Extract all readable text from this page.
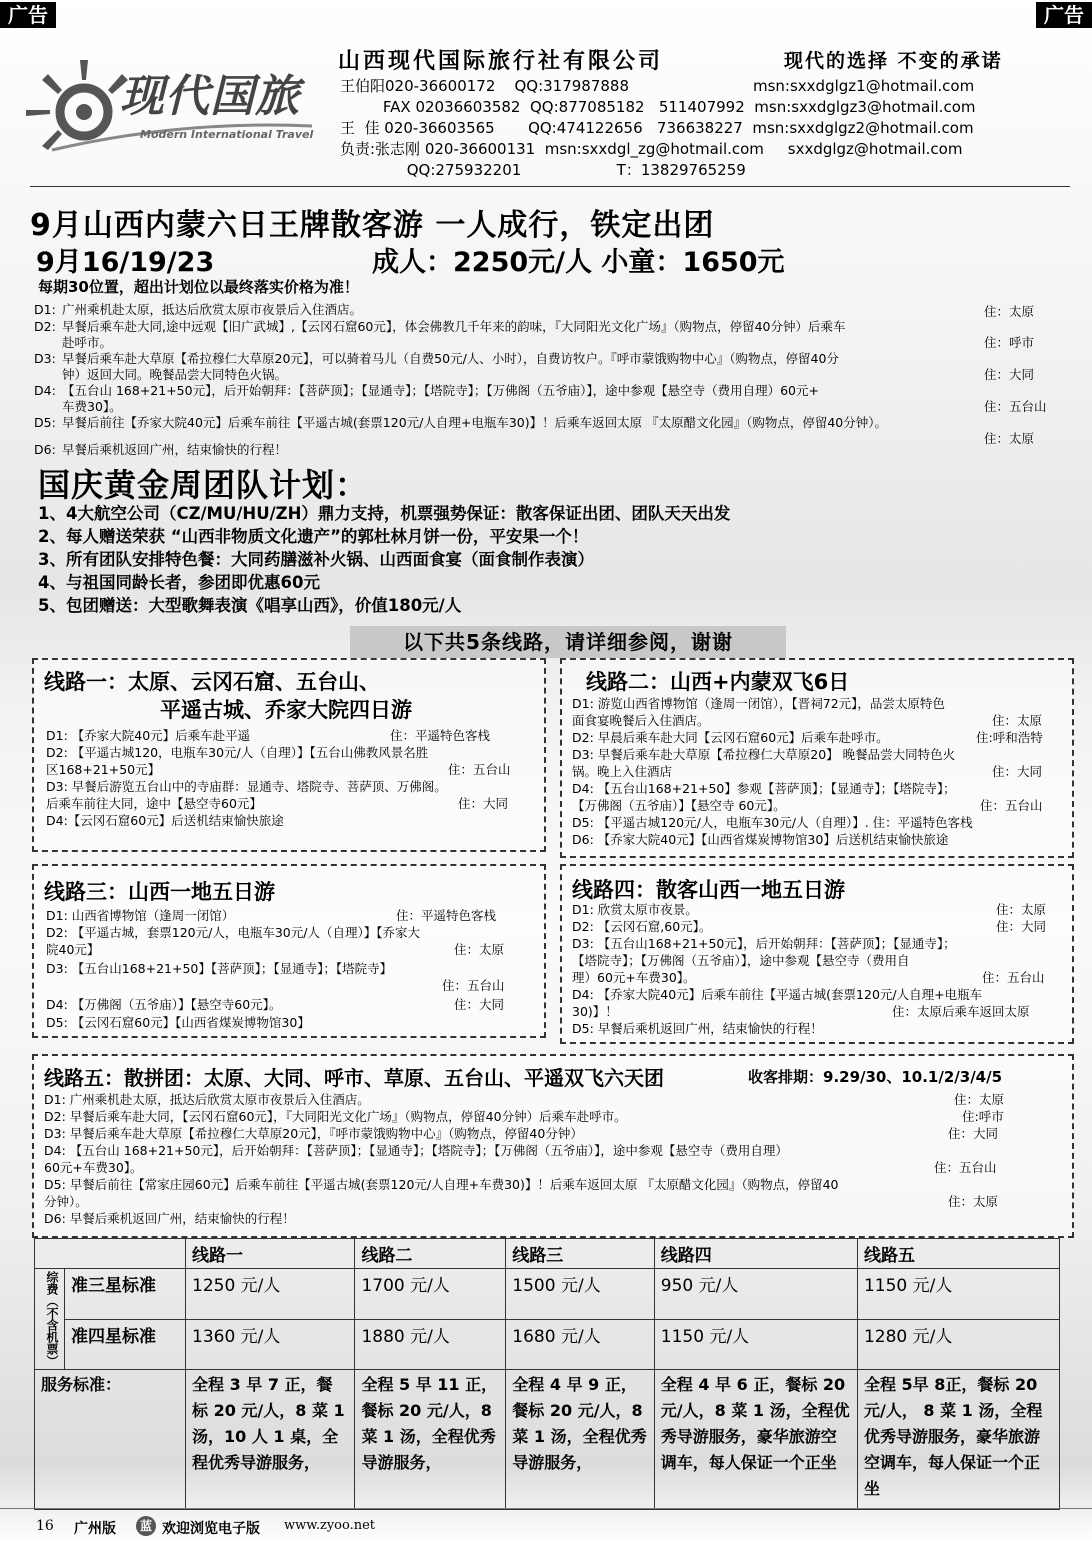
广告	广告
现代国旅
Modern International Travel
山西现代国际旅行社有限公司	现代的选择 不变的承诺
王伯阳020-36600172    QQ:317987888                          msn:sxxdglgz1@hotmail.com
FAX 02036603582  QQ:877085182   511407992  msn:sxxdglgz3@hotmail.com
王  佳 020-36603565       QQ:474122656   736638227  msn:sxxdglgz2@hotmail.com
负责:张志刚 020-36600131  msn:sxxdgl_zg@hotmail.com     sxxdglgz@hotmail.com
QQ:275932201                    T：13829765259
9月山西内蒙六日王牌散客游 一人成行，铁定出团
9月16/19/23	成人：2250元/人 小童：1650元
每期30位置，超出计划位以最终落实价格为准！
D1: 广州乘机赴太原，抵达后欣赏太原市夜景后入住酒店。	住：太原
D2: 早餐后乘车赴大同,途中远观【旧广武城】,【云冈石窟60元】，体会佛教几千年来的韵味，『大同阳光文化广场』（购物点，停留40分钟）后乘车
赴呼市。	住：呼市
D3: 早餐后乘车赴大草原【希拉穆仁大草原20元】，可以骑着马儿（自费50元/人、小时），自费访牧户。『呼市蒙饿购物中心』（购物点，停留40分
钟）返回大同。晚餐品尝大同特色火锅。	住：大同
D4: 【五台山 168+21+50元】，后开始朝拜：【菩萨顶】；【显通寺】；【塔院寺】；【万佛阁（五爷庙）】，途中参观【悬空寺（费用自理）60元+
车费30】。	住：五台山
D5: 早餐后前往【乔家大院40元】后乘车前往【平遥古城(套票120元/人自理+电瓶车30)】！后乘车返回太原 『太原醋文化园』（购物点，停留40分钟）。
住：太原
D6: 早餐后乘机返回广州，结束愉快的行程！
国庆黄金周团队计划：
1、4大航空公司（CZ/MU/HU/ZH）鼎力支持，机票强势保证：散客保证出团、团队天天出发
2、每人赠送荣获 “山西非物质文化遗产”的郭杜林月饼一份，平安果一个！
3、所有团队安排特色餐：大同药膳滋补火锅、山西面食宴（面食制作表演）
4、与祖国同龄长者，参团即优惠60元
5、包团赠送：大型歌舞表演《唱享山西》，价值180元/人
以下共5条线路，请详细参阅，谢谢
线路一：太原、云冈石窟、五台山、
平遥古城、乔家大院四日游
D1: 【乔家大院40元】后乘车赴平遥	住：平遥特色客栈
D2: 【平遥古城120，电瓶车30元/人（自理）】【五台山佛教风景名胜
区168+21+50元】	住：五台山
D3: 早餐后游览五台山中的寺庙群：显通寺、塔院寺、菩萨顶、万佛阁。
后乘车前往大同，途中【悬空寺60元】	住：大同
D4:【云冈石窟60元】后送机结束愉快旅途
线路二：山西+内蒙双飞6日
D1: 游览山西省博物馆（逢周一闭馆），【晋祠72元】，品尝太原特色
面食宴晚餐后入住酒店。	住：太原
D2: 早晨后乘车赴大同【云冈石窟60元】后乘车赴呼市。	住:呼和浩特
D3: 早餐后乘车赴大草原【希拉穆仁大草原20】 晚餐品尝大同特色火
锅。晚上入住酒店	住：大同
D4: 【五台山168+21+50】参观【菩萨顶】；【显通寺】；【塔院寺】；
【万佛阁（五爷庙）】【悬空寺 60元】。	住：五台山
D5: 【平遥古城120元/人，电瓶车30元/人（自理）】. 住：平遥特色客栈
D6: 【乔家大院40元】【山西省煤炭博物馆30】后送机结束愉快旅途
线路三：山西一地五日游
D1: 山西省博物馆（逢周一闭馆）	住：平遥特色客栈
D2: 【平遥古城，套票120元/人，电瓶车30元/人（自理）】【乔家大
院40元】	住：太原
D3: 【五台山168+21+50】【菩萨顶】；【显通寺】；【塔院寺】
住：五台山
D4: 【万佛阁（五爷庙）】【悬空寺60元】。	住：大同
D5: 【云冈石窟60元】【山西省煤炭博物馆30】
线路四：散客山西一地五日游
D1: 欣赏太原市夜景。	住：太原
D2: 【云冈石窟,60元】。	住：大同
D3: 【五台山168+21+50元】，后开始朝拜：【菩萨顶】；【显通寺】；
【塔院寺】；【万佛阁（五爷庙）】，途中参观【悬空寺（费用自
理）60元+车费30】。	住：五台山
D4: 【乔家大院40元】后乘车前往【平遥古城(套票120元/人自理+电瓶车
30)】！	住：太原后乘车返回太原
D5: 早餐后乘机返回广州，结束愉快的行程！
线路五：散拼团：太原、大同、呼市、草原、五台山、平遥双飞六天团	收客排期：9.29/30、10.1/2/3/4/5
D1: 广州乘机赴太原，抵达后欣赏太原市夜景后入住酒店。	住：太原
D2: 早餐后乘车赴大同，【云冈石窟60元】，『大同阳光文化广场』（购物点，停留40分钟）后乘车赴呼市。	住:呼市
D3: 早餐后乘车赴大草原【希拉穆仁大草原20元】，『呼市蒙饿购物中心』（购物点，停留40分钟）	住：大同
D4: 【五台山 168+21+50元】，后开始朝拜：【菩萨顶】；【显通寺】；【塔院寺】；【万佛阁（五爷庙）】，途中参观【悬空寺（费用自理）
60元+车费30】。	住：五台山
D5: 早餐后前往【常家庄园60元】后乘车前往【平遥古城(套票120元/人自理+车费30)】！后乘车返回太原 『太原醋文化园』（购物点，停留40
分钟）。	住：太原
D6: 早餐后乘机返回广州，结束愉快的行程！
		线路一	线路二	线路三	线路四	线路五
综费（不含机票）	准三星标准	1250 元/人	1700 元/人	1500 元/人	950 元/人	1150 元/人
	准四星标准	1360 元/人	1880 元/人	1680 元/人	1150 元/人	1280 元/人
服务标准：		全程 3 早 7 正，餐标 20 元/人，8 菜 1 汤，10 人 1 桌，全程优秀导游服务，	全程 5 早 11 正，餐标 20 元/人，8 菜 1 汤，全程优秀导游服务，	全程 4 早 9 正，餐标 20 元/人，8 菜 1 汤，全程优秀导游服务，	全程 4 早 6 正，餐标 20 元/人，8 菜 1 汤，全程优秀导游服务，豪华旅游空调车，每人保证一个正坐	全程 5早 8正，餐标 20 元/人， 8 菜 1 汤，全程优秀导游服务，豪华旅游空调车，每人保证一个正坐
16 广州版	蓝 欢迎浏览电子版 www.zyoo.net
